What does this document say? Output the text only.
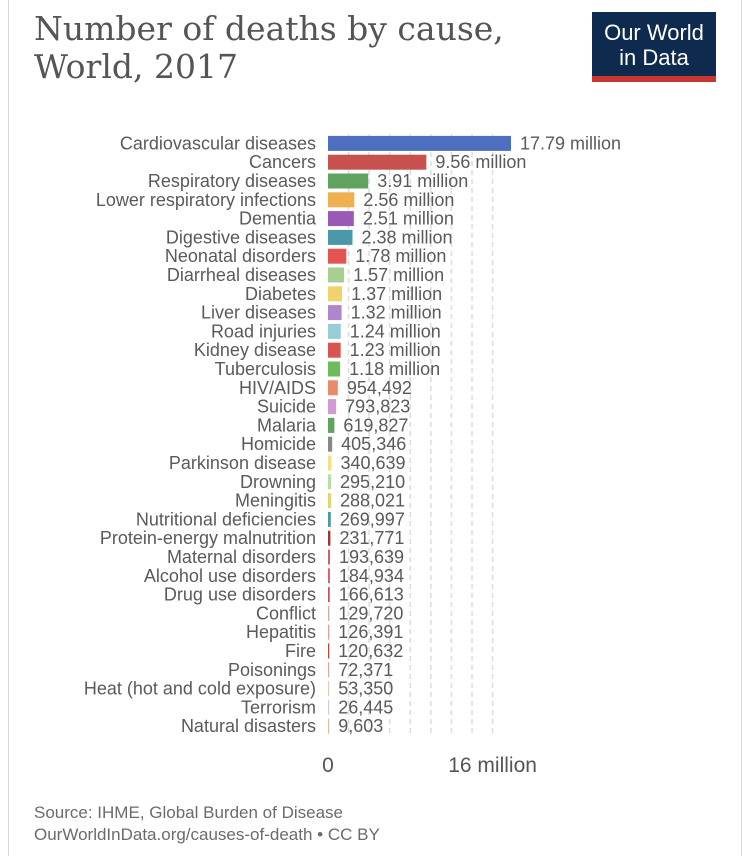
Number of deaths by cause,
World, 2017
Our World
in Data
Cardiovascular diseases	17.79 million
Cancers	9.56 million
Respiratory diseases	3.91 million
Lower respiratory infections	2.56 million
Dementia	2.51 million
Digestive diseases	2.38 million
Neonatal disorders 1.78 million
Diarrheal diseases 1.57 million
Diabetes 1.37 million
Liver diseases 1.32 million
Road injuries 1.24 million
Kidney disease 1.23 million
Tuberculosis 1.18 million
HIV/AIDS 954,492
Suicide 793,823
Malaria 619,827
Homicide 405,346
Parkinson disease 340,639
Drowning 295,210
Meningitis 288,021
Nutritional deficiencies 269,997
Protein-energy malnutrition 231,771
Maternal disorders 193,639
Alcohol use disorders 184,934
Drug use disorders 166,613
Conflict 129,720
Hepatitis 126,391
Fire 120,632
Poisonings 72,371
Heat (hot and cold exposure) 53,350
Terrorism 26,445
Natural disasters 9,603
0	16 million
Source: IHME, Global Burden of Disease
OurWorldInData.org/causes-of-death • CC BY
